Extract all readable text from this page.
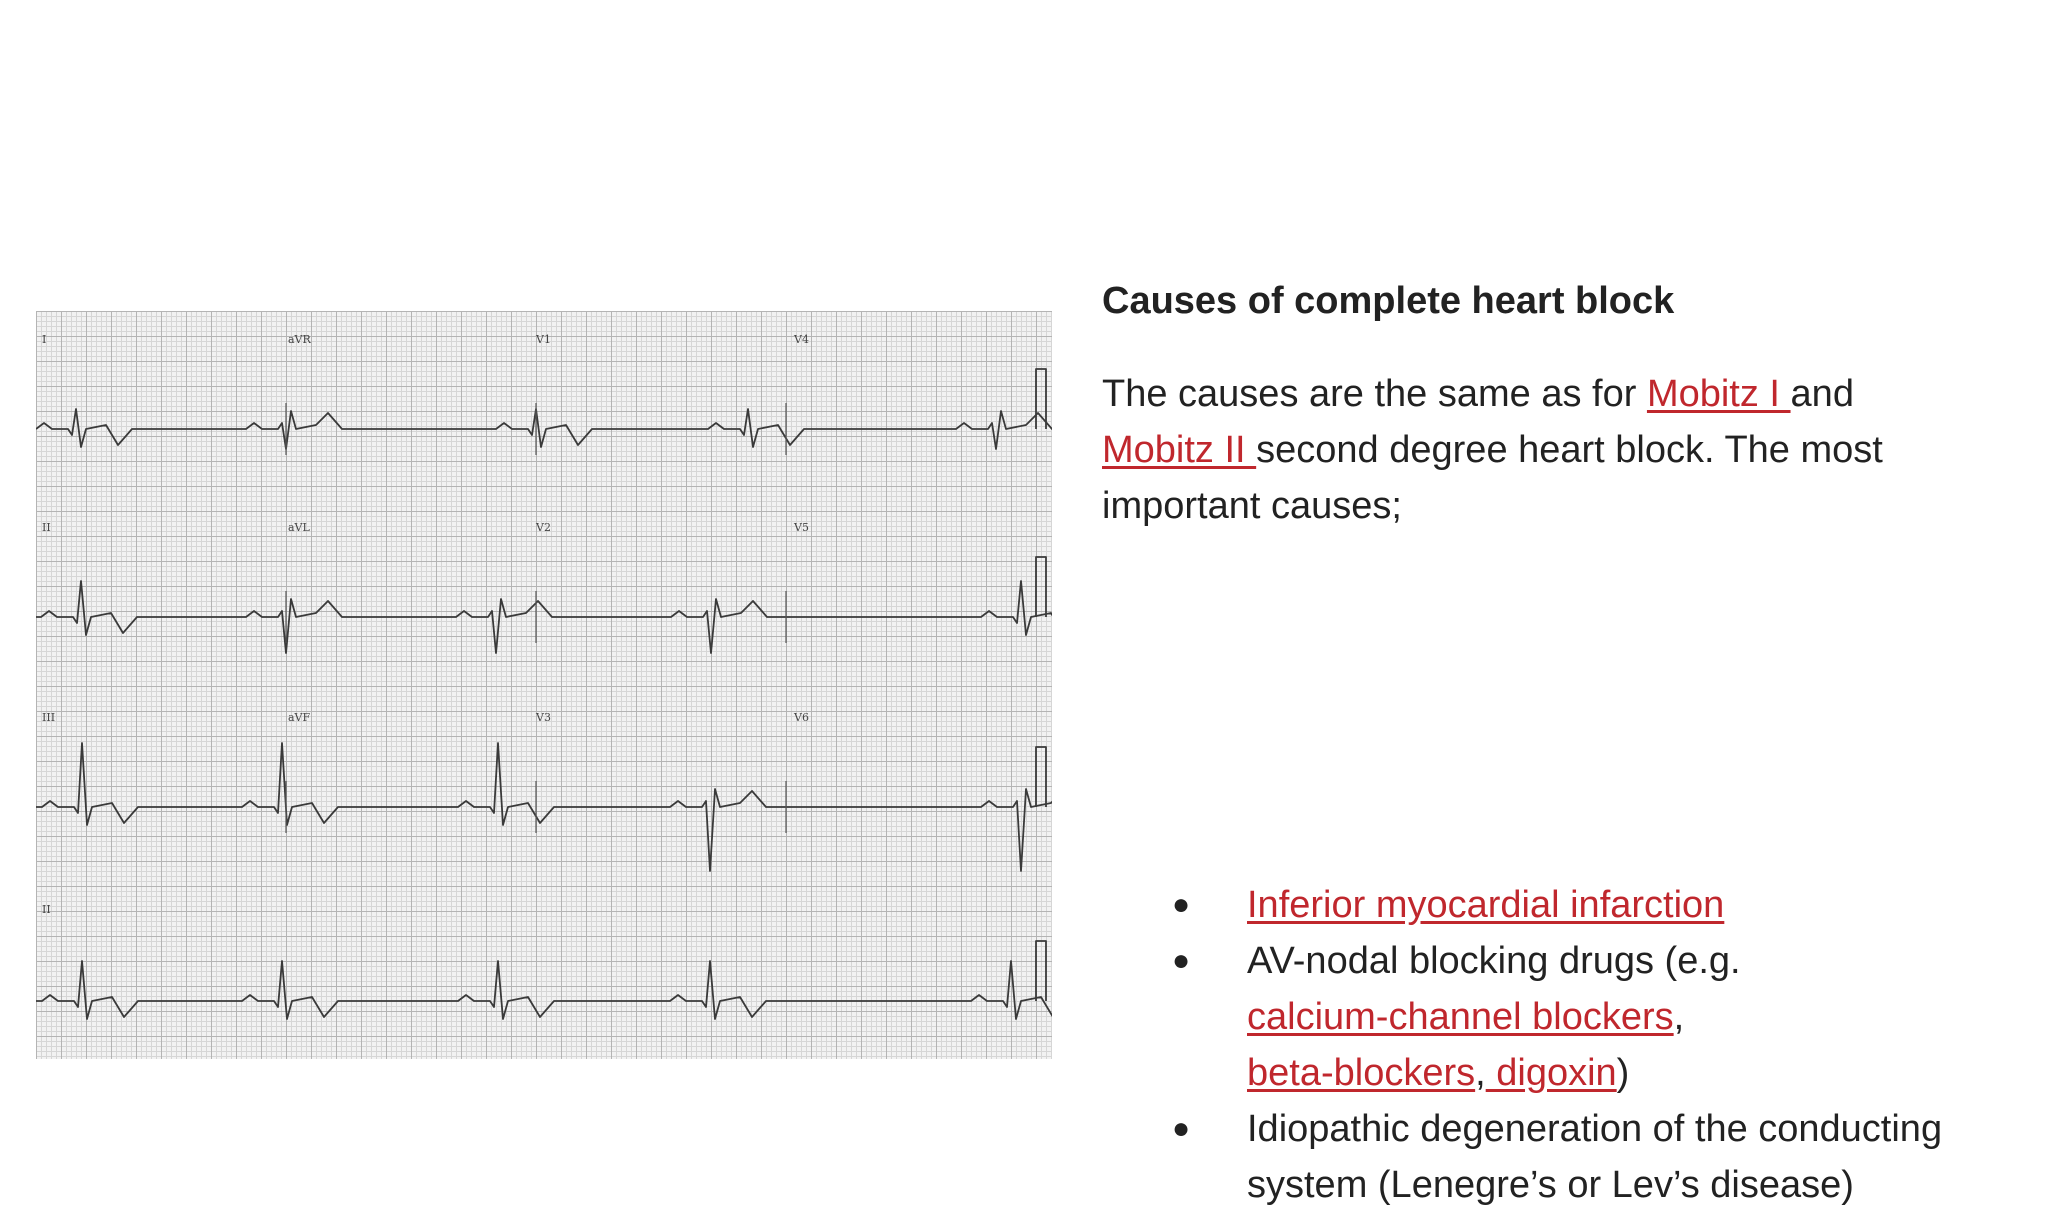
I	aVR	V1	V4
II	aVL	V2	V5
III	aVF	V3	V6
II
Causes of complete heart block

The causes are the same as for Mobitz I and
Mobitz II second degree heart block. The most important causes;

● Inferior myocardial infarction
● AV-nodal blocking drugs (e.g.
calcium-channel blockers,
beta-blockers, digoxin)
● Idiopathic degeneration of the conducting system (Lenegre’s or Lev’s disease)
